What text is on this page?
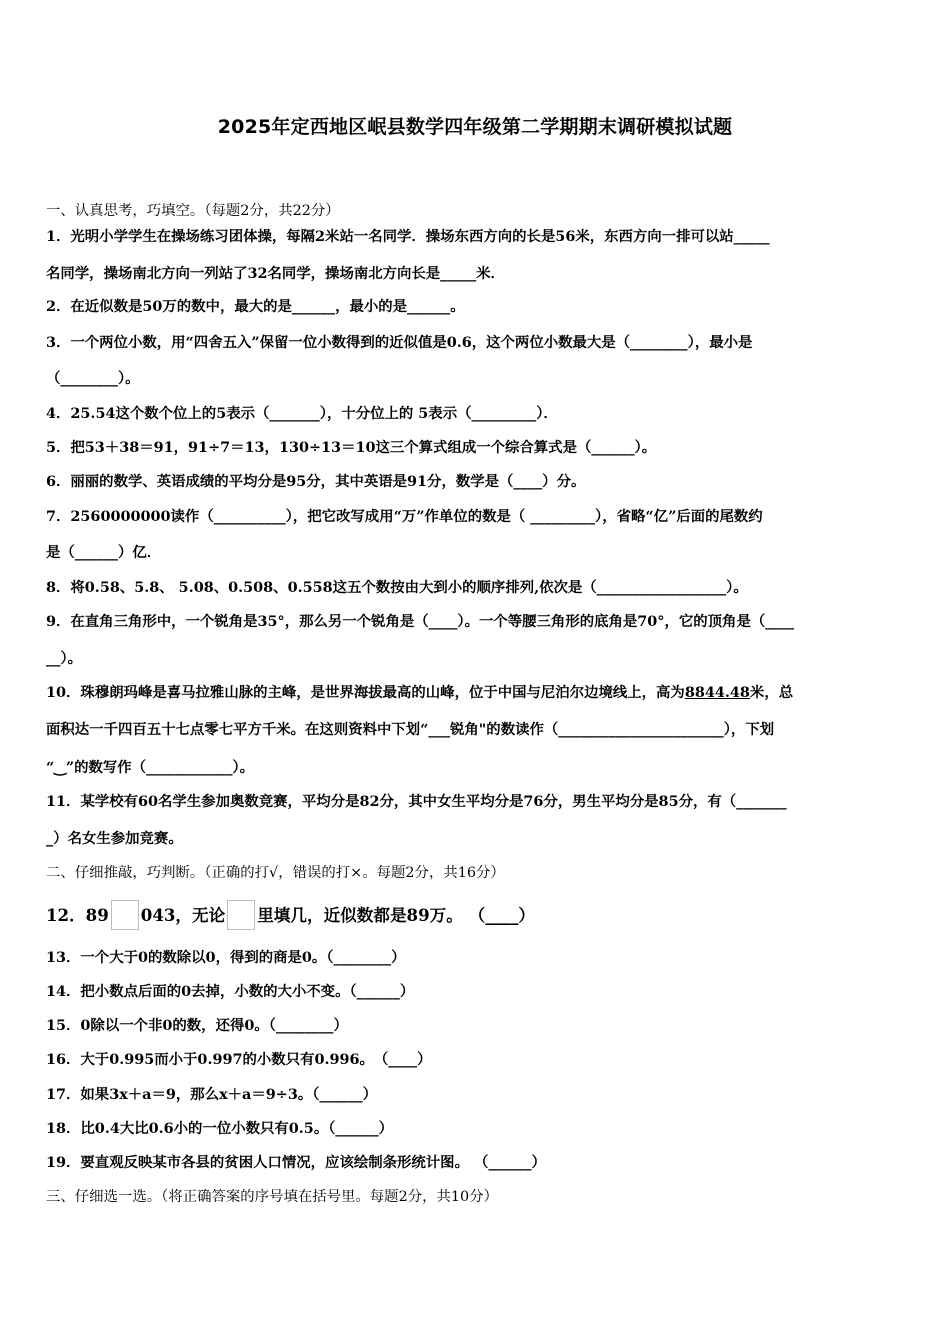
2025年定西地区岷县数学四年级第二学期期末调研模拟试题
一、认真思考，巧填空。（每题2分，共22分）
1．光明小学学生在操场练习团体操，每隔2米站一名同学．操场东西方向的长是56米，东西方向一排可以站_____
名同学，操场南北方向一列站了32名同学，操场南北方向长是_____米．
2．在近似数是50万的数中，最大的是______，最小的是______。
3．一个两位小数，用“四舍五入”保留一位小数得到的近似值是0.6，这个两位小数最大是（________），最小是
（________）。
4．25.54这个数个位上的5表示（_______），十分位上的 5表示（_________）．
5．把53＋38＝91，91÷7＝13，130÷13＝10这三个算式组成一个综合算式是（______）。
6．丽丽的数学、英语成绩的平均分是95分，其中英语是91分，数学是（____）分。
7．2560000000读作（__________），把它改写成用“万”作单位的数是（ _________），省略“亿”后面的尾数约
是（______）亿．
8．将0.58、5.8、 5.08、0.508、0.558这五个数按由大到小的顺序排列,依次是（__________________）。
9．在直角三角形中，一个锐角是35°，那么另一个锐角是（____）。一个等腰三角形的底角是70°，它的顶角是（____
__）。
10．珠穆朗玛峰是喜马拉雅山脉的主峰，是世界海拔最高的山峰，位于中国与尼泊尔边境线上，高为8844.48米，总
面积达一千四百五十七点零七平方千米。在这则资料中下划“___锐角"的数读作（_______________________），下划
“‿”的数写作（____________）。
11．某学校有60名学生参加奥数竞赛，平均分是82分，其中女生平均分是76分，男生平均分是85分，有（_______
_）名女生参加竞赛。
二、仔细推敲，巧判断。（正确的打√，错误的打×。每题2分，共16分）
12．89 043，无论 里填几，近似数都是89万。 （____）
13．一个大于0的数除以0，得到的商是0。（________）
14．把小数点后面的0去掉，小数的大小不变。（______）
15．0除以一个非0的数，还得0。（________）
16．大于0.995而小于0.997的小数只有0.996。　（____）
17．如果3x＋a＝9，那么x＋a＝9÷3。（______）
18．比0.4大比0.6小的一位小数只有0.5。（______）
19．要直观反映某市各县的贫困人口情况，应该绘制条形统计图。 （______）
三、仔细选一选。（将正确答案的序号填在括号里。每题2分，共10分）
